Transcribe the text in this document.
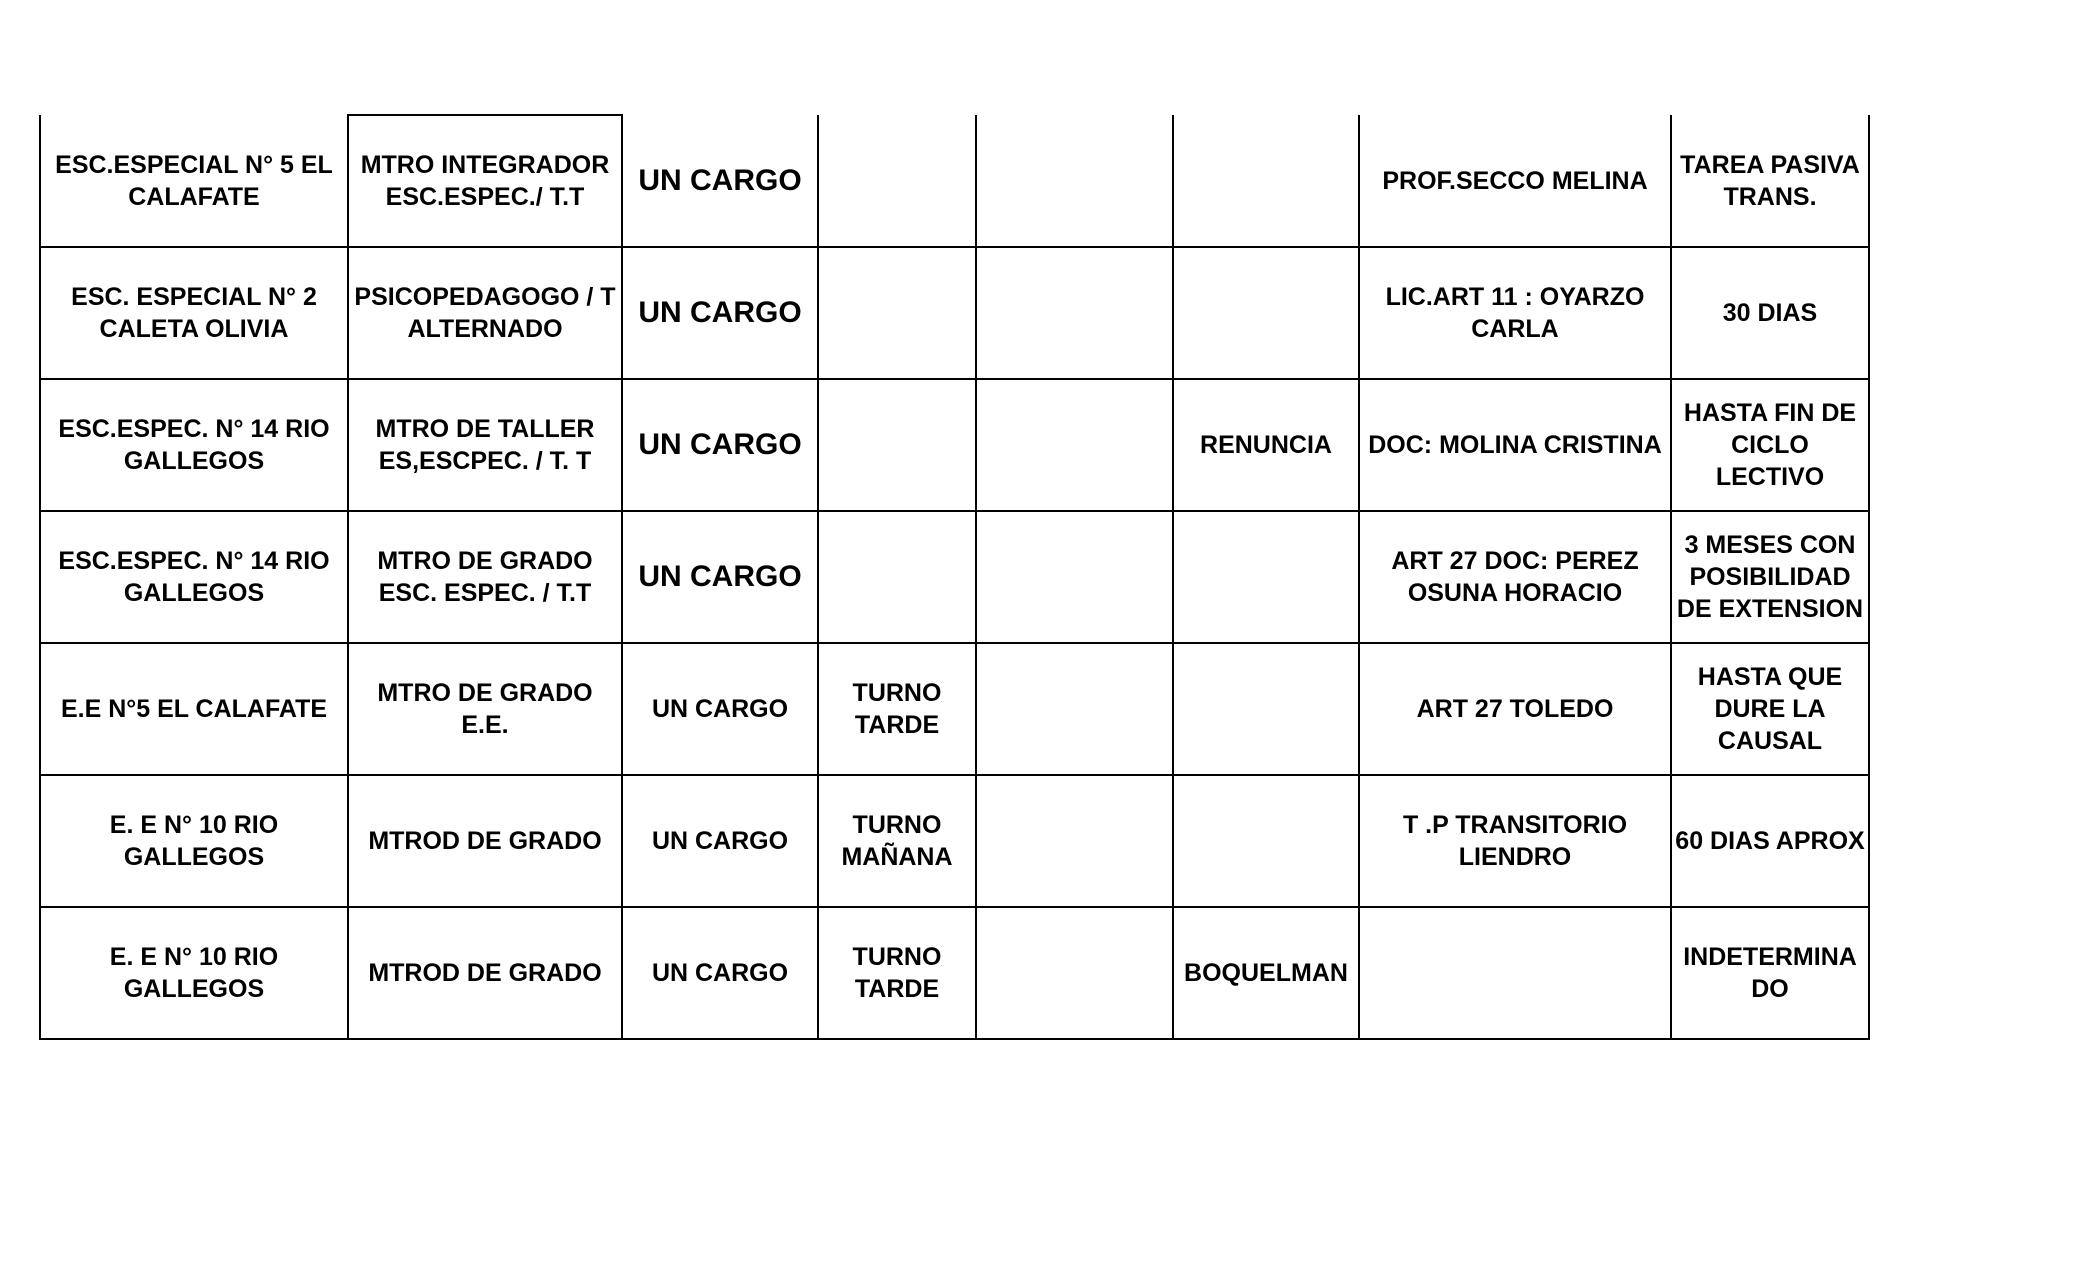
ESC.ESPECIAL N° 5 EL CALAFATE	MTRO INTEGRADOR ESC.ESPEC./ T.T	UN CARGO				PROF.SECCO MELINA	TAREA PASIVA TRANS.
ESC. ESPECIAL N° 2 CALETA OLIVIA	PSICOPEDAGOGO / T ALTERNADO	UN CARGO				LIC.ART 11 : OYARZO CARLA	30 DIAS
ESC.ESPEC. N° 14 RIO GALLEGOS	MTRO DE TALLER ES,ESCPEC. / T. T	UN CARGO			RENUNCIA	DOC: MOLINA CRISTINA	HASTA FIN DE CICLO LECTIVO
ESC.ESPEC. N° 14 RIO GALLEGOS	MTRO DE GRADO ESC. ESPEC. / T.T	UN CARGO				ART 27 DOC: PEREZ OSUNA HORACIO	3 MESES CON POSIBILIDAD DE EXTENSION
E.E N°5 EL CALAFATE	MTRO DE GRADO E.E.	UN CARGO	TURNO TARDE			ART 27 TOLEDO	HASTA QUE DURE LA CAUSAL
E. E N° 10 RIO GALLEGOS	MTROD DE GRADO	UN CARGO	TURNO MAÑANA			T .P TRANSITORIO LIENDRO	60 DIAS APROX
E. E N° 10 RIO GALLEGOS	MTROD DE GRADO	UN CARGO	TURNO TARDE		BOQUELMAN		INDETERMINA DO
